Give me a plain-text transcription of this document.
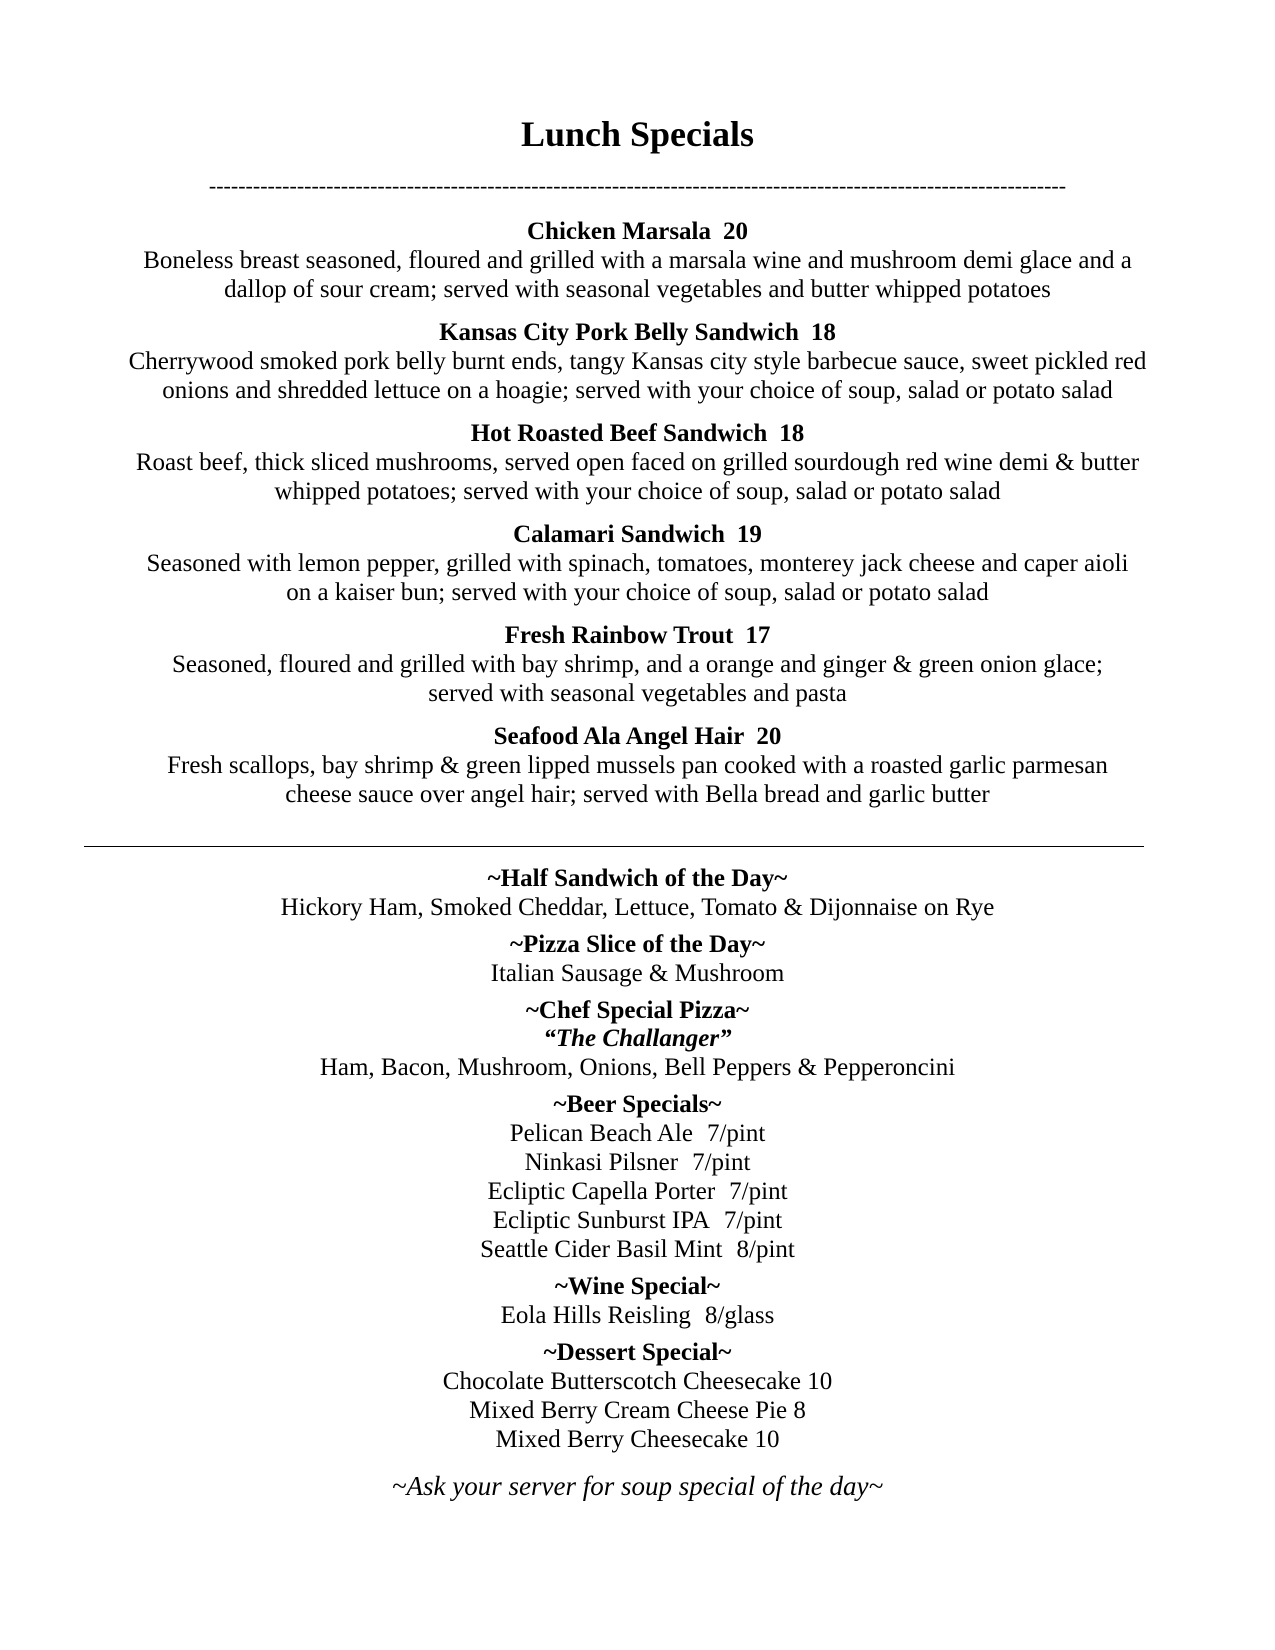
Lunch Specials
---------------------------------------------------------------------------------------------------------------------
Chicken Marsala 20
Boneless breast seasoned, floured and grilled with a marsala wine and mushroom demi glace and a
dallop of sour cream; served with seasonal vegetables and butter whipped potatoes
Kansas City Pork Belly Sandwich 18
Cherrywood smoked pork belly burnt ends, tangy Kansas city style barbecue sauce, sweet pickled red
onions and shredded lettuce on a hoagie; served with your choice of soup, salad or potato salad
Hot Roasted Beef Sandwich 18
Roast beef, thick sliced mushrooms, served open faced on grilled sourdough red wine demi & butter
whipped potatoes; served with your choice of soup, salad or potato salad
Calamari Sandwich 19
Seasoned with lemon pepper, grilled with spinach, tomatoes, monterey jack cheese and caper aioli
on a kaiser bun; served with your choice of soup, salad or potato salad
Fresh Rainbow Trout 17
Seasoned, floured and grilled with bay shrimp, and a orange and ginger & green onion glace;
served with seasonal vegetables and pasta
Seafood Ala Angel Hair 20
Fresh scallops, bay shrimp & green lipped mussels pan cooked with a roasted garlic parmesan
cheese sauce over angel hair; served with Bella bread and garlic butter
~Half Sandwich of the Day~
Hickory Ham, Smoked Cheddar, Lettuce, Tomato & Dijonnaise on Rye
~Pizza Slice of the Day~
Italian Sausage & Mushroom
~Chef Special Pizza~
“The Challanger”
Ham, Bacon, Mushroom, Onions, Bell Peppers & Pepperoncini
~Beer Specials~
Pelican Beach Ale 7/pint
Ninkasi Pilsner 7/pint
Ecliptic Capella Porter 7/pint
Ecliptic Sunburst IPA 7/pint
Seattle Cider Basil Mint 8/pint
~Wine Special~
Eola Hills Reisling 8/glass
~Dessert Special~
Chocolate Butterscotch Cheesecake 10
Mixed Berry Cream Cheese Pie 8
Mixed Berry Cheesecake 10
~Ask your server for soup special of the day~
